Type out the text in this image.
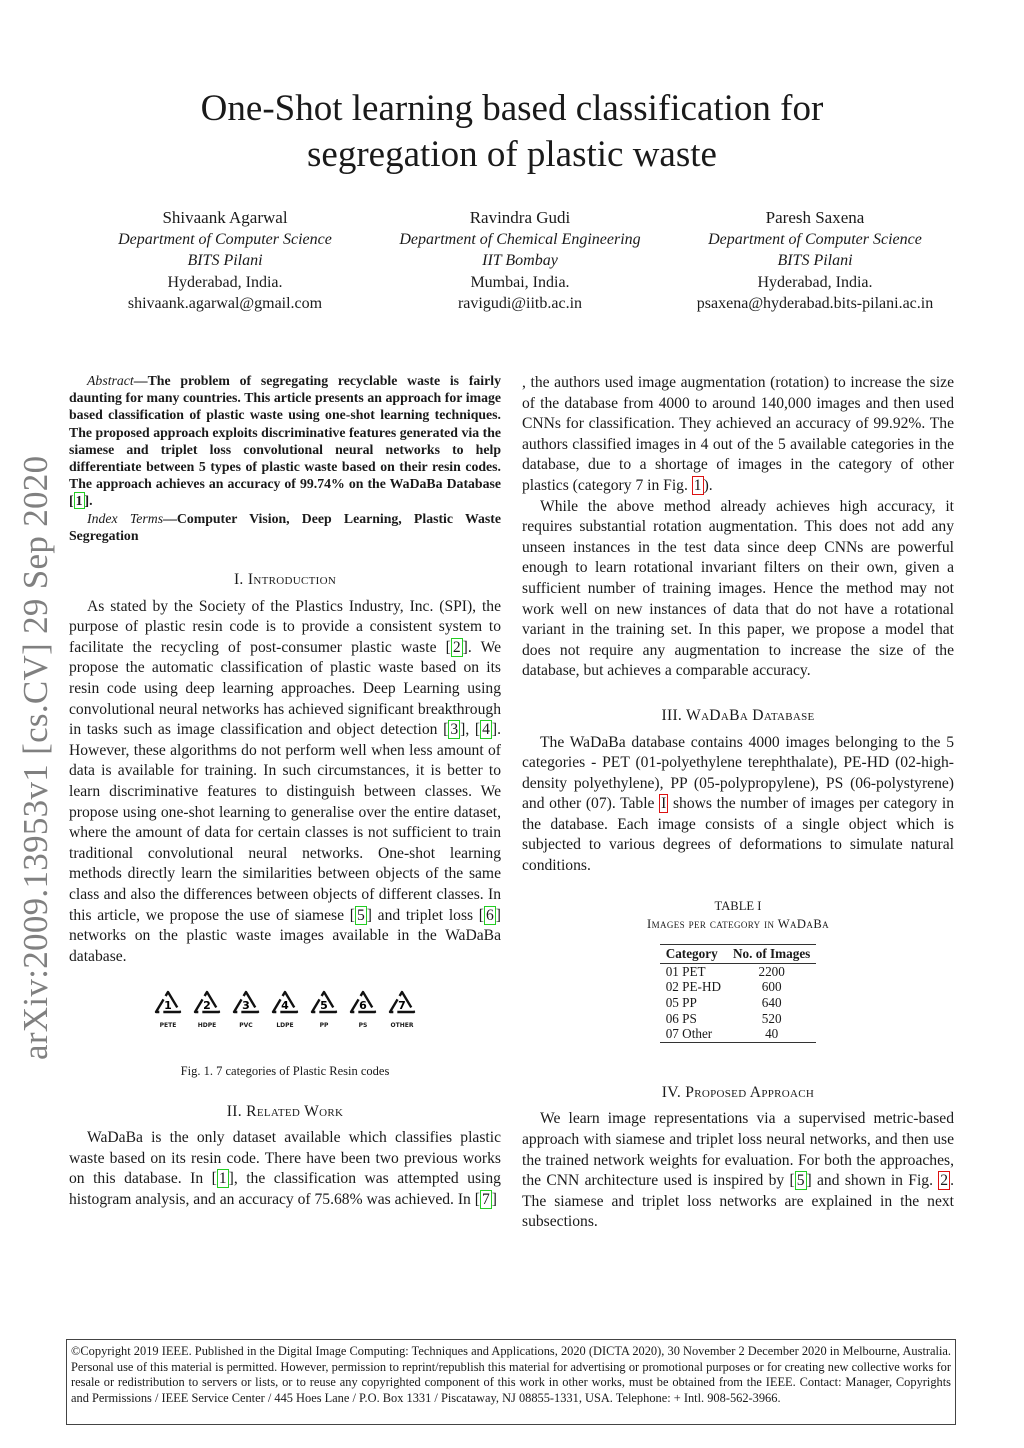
One-Shot learning based classification for
segregation of plastic waste
Shivaank Agarwal
Department of Computer Science
BITS Pilani
Hyderabad, India.
shivaank.agarwal@gmail.com
Ravindra Gudi
Department of Chemical Engineering
IIT Bombay
Mumbai, India.
ravigudi@iitb.ac.in
Paresh Saxena
Department of Computer Science
BITS Pilani
Hyderabad, India.
psaxena@hyderabad.bits-pilani.ac.in
arXiv:2009.13953v1 [cs.CV] 29 Sep 2020

Abstract—The problem of segregating recyclable waste is fairly daunting for many countries. This article presents an approach for image based classification of plastic waste using one-shot learning techniques. The proposed approach exploits discriminative features generated via the siamese and triplet loss convolutional neural networks to help differentiate between 5 types of plastic waste based on their resin codes. The approach achieves an accuracy of 99.74% on the WaDaBa Database [ 1 ].

Index Terms—Computer Vision, Deep Learning, Plastic Waste Segregation

I. Introduction

As stated by the Society of the Plastics Industry, Inc. (SPI), the purpose of plastic resin code is to provide a consistent system to facilitate the recycling of post-consumer plastic waste [ 2 ]. We propose the automatic classification of plastic waste based on its resin code using deep learning approaches. Deep Learning using convolutional neural networks has achieved significant breakthrough in tasks such as image classification and object detection [ 3 ], [ 4 ]. However, these algorithms do not perform well when less amount of data is available for training. In such circumstances, it is better to learn discriminative features to distinguish between classes. We propose using one-shot learning to generalise over the entire dataset, where the amount of data for certain classes is not sufficient to train traditional convolutional neural networks. One-shot learning methods directly learn the similarities between objects of the same class and also the differences between objects of different classes. In this article, we propose the use of siamese [ 5 ] and triplet loss [ 6 ] networks on the plastic waste images available in the WaDaBa database.

1
PETE
2
HDPE
3
PVC
4
LDPE
5
PP
6
PS
7
OTHER
Fig. 1. 7 categories of Plastic Resin codes
II. Related Work

WaDaBa is the only dataset available which classifies plastic waste based on its resin code. There have been two previous works on this database. In [ 1 ], the classification was attempted using histogram analysis, and an accuracy of 75.68% was achieved. In [ 7 ]

, the authors used image augmentation (rotation) to increase the size of the database from 4000 to around 140,000 images and then used CNNs for classification. They achieved an accuracy of 99.92%. The authors classified images in 4 out of the 5 available categories in the database, due to a shortage of images in the category of other plastics (category 7 in Fig. 1 ).

While the above method already achieves high accuracy, it requires substantial rotation augmentation. This does not add any unseen instances in the test data since deep CNNs are powerful enough to learn rotational invariant filters on their own, given a sufficient number of training images. Hence the method may not work well on new instances of data that do not have a rotational variant in the training set. In this paper, we propose a model that does not require any augmentation to increase the size of the database, but achieves a comparable accuracy.

III. WaDaBa Database

The WaDaBa database contains 4000 images belonging to the 5 categories - PET (01-polyethylene terephthalate), PE-HD (02-high-density polyethylene), PP (05-polypropylene), PS (06-polystyrene) and other (07). Table I shows the number of images per category in the database. Each image consists of a single object which is subjected to various degrees of deformations to simulate natural conditions.

TABLE I
Images per category in WaDaBa
Category	No. of Images
01 PET	2200
02 PE-HD	600
05 PP	640
06 PS	520
07 Other	40
IV. Proposed Approach

We learn image representations via a supervised metric-based approach with siamese and triplet loss neural networks, and then use the trained network weights for evaluation. For both the approaches, the CNN architecture used is inspired by [ 5 ] and shown in Fig. 2 . The siamese and triplet loss networks are explained in the next subsections.

©Copyright 2019 IEEE. Published in the Digital Image Computing: Techniques and Applications, 2020 (DICTA 2020), 30 November 2 December 2020 in Melbourne, Australia. Personal use of this material is permitted. However, permission to reprint/republish this material for advertising or promotional purposes or for creating new collective works for resale or redistribution to servers or lists, or to reuse any copyrighted component of this work in other works, must be obtained from the IEEE. Contact: Manager, Copyrights and Permissions / IEEE Service Center / 445 Hoes Lane / P.O. Box 1331 / Piscataway, NJ 08855-1331, USA. Telephone: + Intl. 908-562-3966.
